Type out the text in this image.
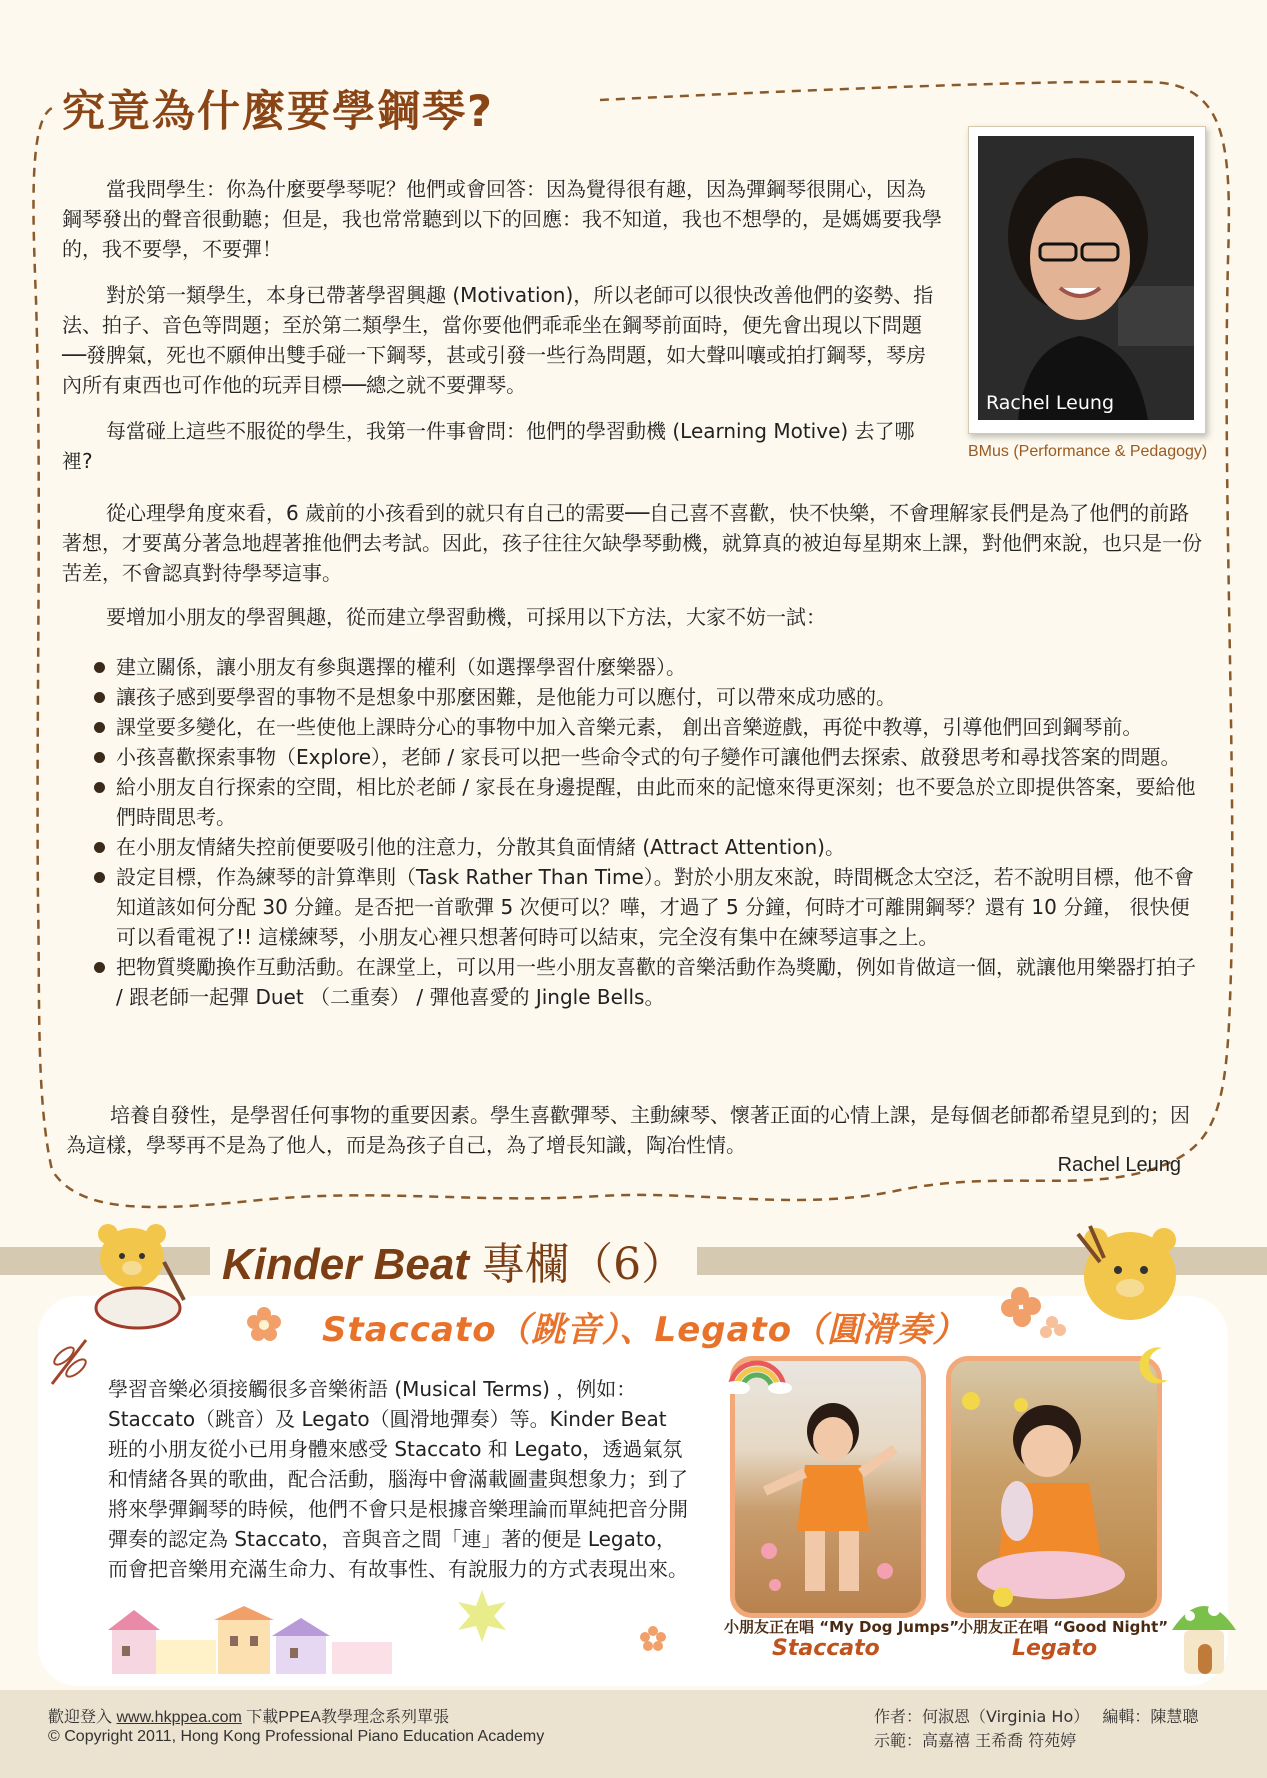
究竟為什麼要學鋼琴?
Rachel Leung
BMus (Performance & Pedagogy)
當我問學生：你為什麼要學琴呢？他們或會回答：因為覺得很有趣，因為彈鋼琴很開心，因為鋼琴發出的聲音很動聽；但是，我也常常聽到以下的回應：我不知道，我也不想學的，是媽媽要我學的，我不要學，不要彈！
對於第一類學生，本身已帶著學習興趣 (Motivation)，所以老師可以很快改善他們的姿勢、指法、拍子、音色等問題；至於第二類學生，當你要他們乖乖坐在鋼琴前面時，便先會出現以下問題──發脾氣，死也不願伸出雙手碰一下鋼琴，甚或引發一些行為問題，如大聲叫嚷或拍打鋼琴，琴房內所有東西也可作他的玩弄目標──總之就不要彈琴。
每當碰上這些不服從的學生，我第一件事會問：他們的學習動機 (Learning Motive) 去了哪裡?
從心理學角度來看，6 歲前的小孩看到的就只有自己的需要──自己喜不喜歡，快不快樂，不會理解家長們是為了他們的前路著想，才要萬分著急地趕著推他們去考試。因此，孩子往往欠缺學琴動機，就算真的被迫每星期來上課，對他們來說，也只是一份苦差，不會認真對待學琴這事。
要增加小朋友的學習興趣，從而建立學習動機，可採用以下方法，大家不妨一試：
建立關係，讓小朋友有參與選擇的權利（如選擇學習什麼樂器）。
讓孩子感到要學習的事物不是想象中那麼困難，是他能力可以應付，可以帶來成功感的。
課堂要多變化，在一些使他上課時分心的事物中加入音樂元素， 創出音樂遊戲，再從中教導，引導他們回到鋼琴前。
小孩喜歡探索事物（Explore），老師 / 家長可以把一些命令式的句子變作可讓他們去探索、啟發思考和尋找答案的問題。
給小朋友自行探索的空間，相比於老師 / 家長在身邊提醒，由此而來的記憶來得更深刻；也不要急於立即提供答案，要給他們時間思考。
在小朋友情緒失控前便要吸引他的注意力，分散其負面情緒 (Attract Attention)。
設定目標，作為練琴的計算準則（Task Rather Than Time）。對於小朋友來說，時間概念太空泛，若不說明目標，他不會知道該如何分配 30 分鐘。是否把一首歌彈 5 次便可以？嘩，才過了 5 分鐘，何時才可離開鋼琴？還有 10 分鐘， 很快便可以看電視了!! 這樣練琴，小朋友心裡只想著何時可以結束，完全沒有集中在練琴這事之上。
把物質獎勵換作互動活動。在課堂上，可以用一些小朋友喜歡的音樂活動作為獎勵，例如肯做這一個，就讓他用樂器打拍子 / 跟老師一起彈 Duet （二重奏） / 彈他喜愛的 Jingle Bells。
培養自發性，是學習任何事物的重要因素。學生喜歡彈琴、主動練琴、懷著正面的心情上課，是每個老師都希望見到的；因為這樣，學琴再不是為了他人，而是為孩子自己，為了增長知識，陶冶性情。
Rachel Leung
Kinder Beat 專欄（6）
Staccato（跳音）、Legato（圓滑奏）
學習音樂必須接觸很多音樂術語 (Musical Terms) ，例如：Staccato（跳音）及 Legato（圓滑地彈奏）等。Kinder Beat 班的小朋友從小已用身體來感受 Staccato 和 Legato，透過氣氛和情緒各異的歌曲，配合活動，腦海中會滿載圖畫與想象力；到了將來學彈鋼琴的時候，他們不會只是根據音樂理論而單純把音分開彈奏的認定為 Staccato，音與音之間「連」著的便是 Legato，而會把音樂用充滿生命力、有故事性、有說服力的方式表現出來。
小朋友正在唱 “My Dog Jumps”
Staccato
小朋友正在唱 “Good Night”
Legato
歡迎登入 www.hkppea.com 下載PPEA教學理念系列單張
© Copyright 2011, Hong Kong Professional Piano Education Academy
作者：何淑恩（Virginia Ho）　 編輯：陳慧聰
示範：高嘉禧 王希喬 符苑婷
